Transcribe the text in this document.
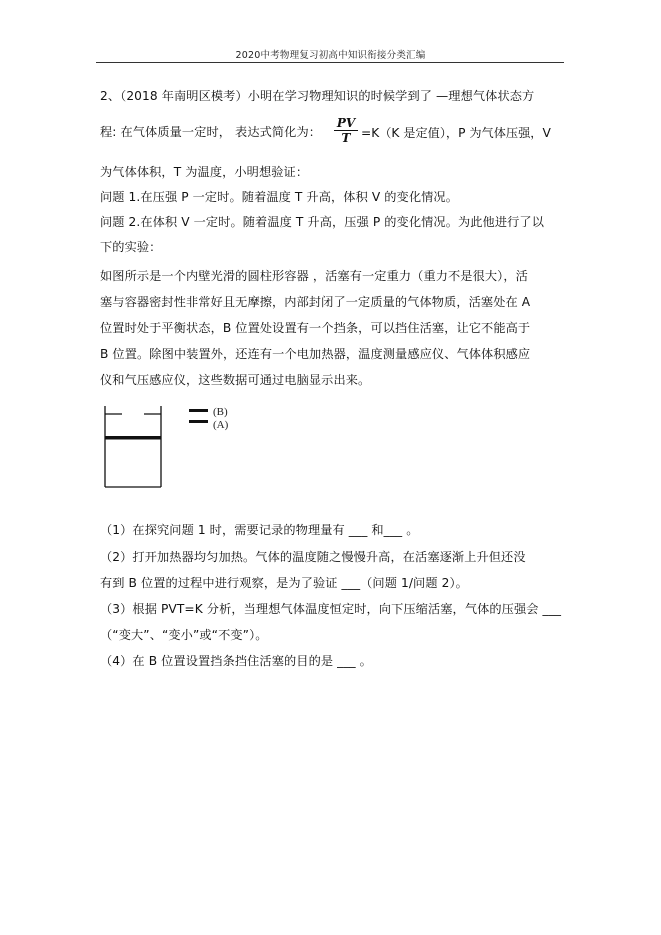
2020中考物理复习初高中知识衔接分类汇编
2、（2018 年南明区模考）小明在学习物理知识的时候学到了 —理想气体状态方
程: 在气体质量一定时， 表达式简化为：
PV
T =K（K 是定值），P 为气体压强，V
为气体体积，T 为温度，小明想验证：
问题 1.在压强 P 一定时。随着温度 T 升高，体积 V 的变化情况。
问题 2.在体积 V 一定时。随着温度 T 升高，压强 P 的变化情况。为此他进行了以
下的实验：
如图所示是一个内壁光滑的圆柱形容器 ，活塞有一定重力（重力不是很大），活
塞与容器密封性非常好且无摩擦，内部封闭了一定质量的气体物质，活塞处在 A
位置时处于平衡状态，B 位置处设置有一个挡条，可以挡住活塞，让它不能高于
B 位置。除图中装置外，还连有一个电加热器，温度测量感应仪、气体体积感应
仪和气压感应仪，这些数据可通过电脑显示出来。
(B)
(A)
（1）在探究问题 1 时，需要记录的物理量有 ___ 和___ 。
（2）打开加热器均匀加热。气体的温度随之慢慢升高，在活塞逐渐上升但还没
有到 B 位置的过程中进行观察，是为了验证 ___（问题 1/问题 2）。
（3）根据 PVT=K 分析，当理想气体温度恒定时，向下压缩活塞，气体的压强会 ___
（“变大”、“变小”或“不变”）。
（4）在 B 位置设置挡条挡住活塞的目的是 ___ 。
